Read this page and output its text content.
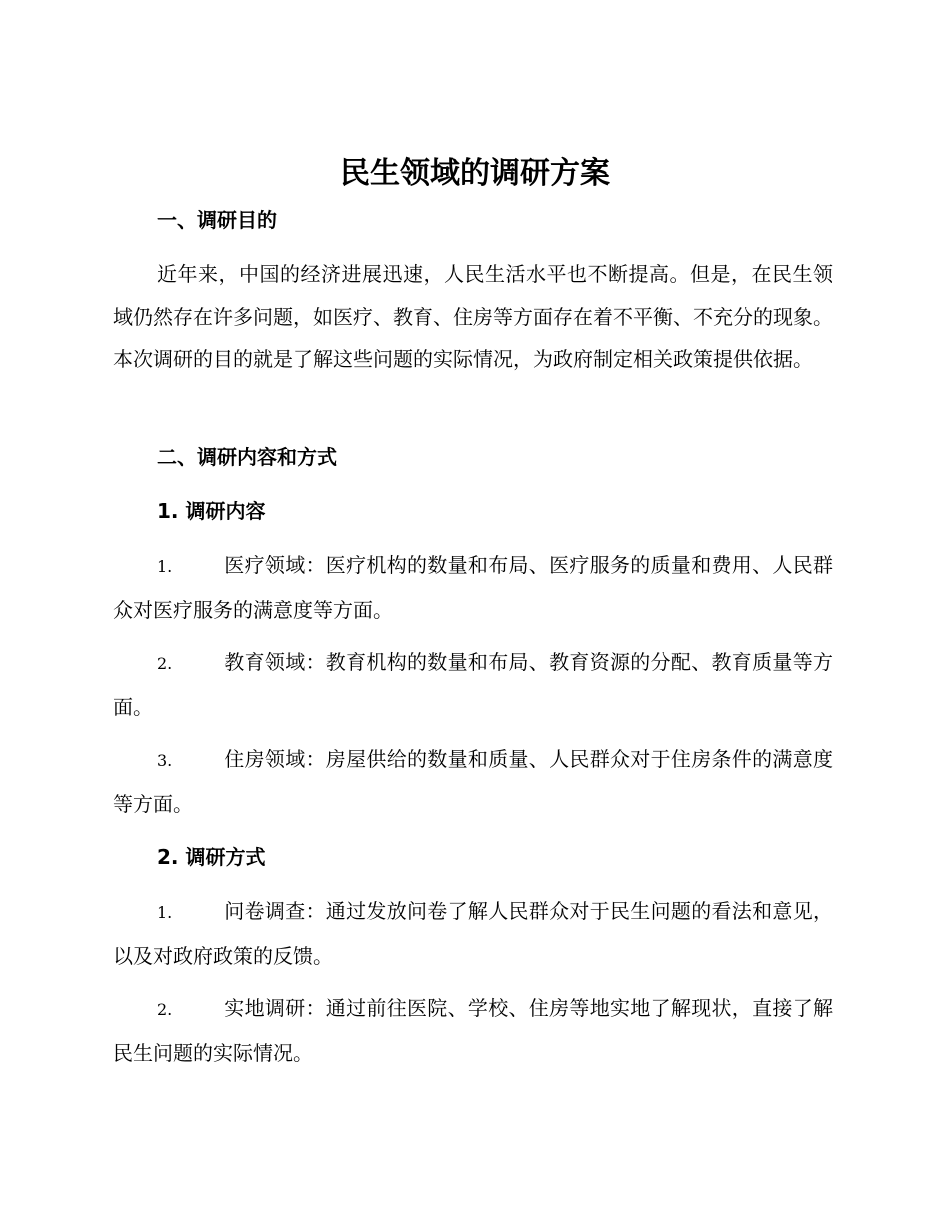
民生领域的调研方案
一、调研目的

近年来，中国的经济进展迅速，人民生活水平也不断提高。但是，在民生领域仍然存在许多问题，如医疗、教育、住房等方面存在着不平衡、不充分的现象。本次调研的目的就是了解这些问题的实际情况，为政府制定相关政策提供依据。

二、调研内容和方式
1. 调研内容

1.	医疗领域：医疗机构的数量和布局、医疗服务的质量和费用、人民群众对医疗服务的满意度等方面。

2.	教育领域：教育机构的数量和布局、教育资源的分配、教育质量等方面。

3.	住房领域：房屋供给的数量和质量、人民群众对于住房条件的满意度等方面。

2. 调研方式

1.	问卷调查：通过发放问卷了解人民群众对于民生问题的看法和意见，以及对政府政策的反馈。

2.	实地调研：通过前往医院、学校、住房等地实地了解现状，直接了解民生问题的实际情况。
